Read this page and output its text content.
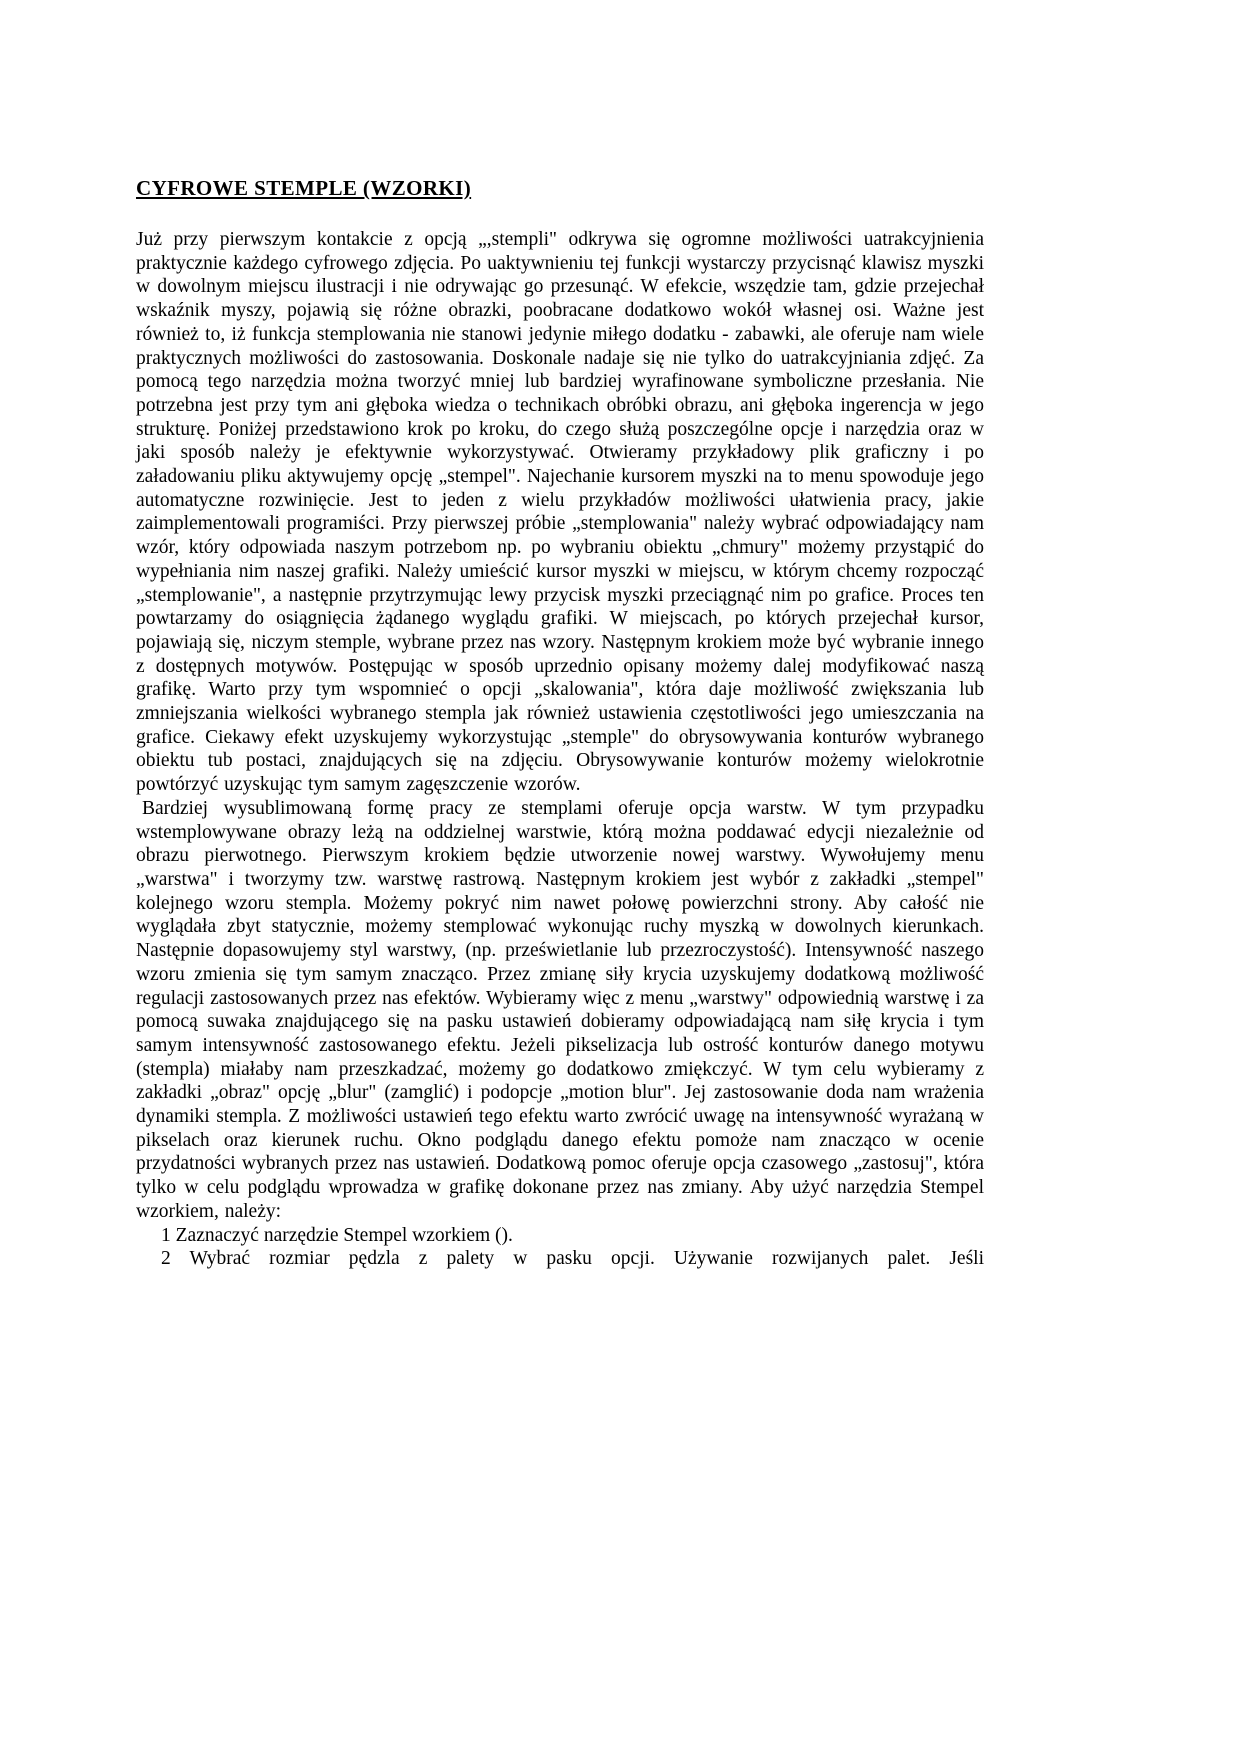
CYFROWE STEMPLE (WZORKI)

Już przy pierwszym kontakcie z opcją „,stempli" odkrywa się ogromne możliwości uatrakcyjnienia praktycznie każdego cyfrowego zdjęcia. Po uaktywnieniu tej funkcji wystarczy przycisnąć klawisz myszki w dowolnym miejscu ilustracji i nie odrywając go przesunąć. W efekcie, wszędzie tam, gdzie przejechał wskaźnik myszy, pojawią się różne obrazki, poobracane dodatkowo wokół własnej osi. Ważne jest również to, iż funkcja stemplowania nie stanowi jedynie miłego dodatku - zabawki, ale oferuje nam wiele praktycznych możliwości do zastosowania. Doskonale nadaje się nie tylko do uatrakcyjniania zdjęć. Za pomocą tego narzędzia można tworzyć mniej lub bardziej wyrafinowane symboliczne przesłania. Nie potrzebna jest przy tym ani głęboka wiedza o technikach obróbki obrazu, ani głęboka ingerencja w jego strukturę. Poniżej przedstawiono krok po kroku, do czego służą poszczególne opcje i narzędzia oraz w jaki sposób należy je efektywnie wykorzystywać. Otwieramy przykładowy plik graficzny i po załadowaniu pliku aktywujemy opcję „stempel". Najechanie kursorem myszki na to menu spowoduje jego automatyczne rozwinięcie. Jest to jeden z wielu przykładów możliwości ułatwienia pracy, jakie zaimplementowali programiści. Przy pierwszej próbie „stemplowania" należy wybrać odpowiadający nam wzór, który odpowiada naszym potrzebom np. po wybraniu obiektu „chmury" możemy przystąpić do wypełniania nim naszej grafiki. Należy umieścić kursor myszki w miejscu, w którym chcemy rozpocząć „stemplowanie", a następnie przytrzymując lewy przycisk myszki przeciągnąć nim po grafice. Proces ten powtarzamy do osiągnięcia żądanego wyglądu grafiki. W miejscach, po których przejechał kursor, pojawiają się, niczym stemple, wybrane przez nas wzory. Następnym krokiem może być wybranie innego z dostępnych motywów. Postępując w sposób uprzednio opisany możemy dalej modyfikować naszą grafikę. Warto przy tym wspomnieć o opcji „skalowania", która daje możliwość zwiększania lub zmniejszania wielkości wybranego stempla jak również ustawienia częstotliwości jego umieszczania na grafice. Ciekawy efekt uzyskujemy wykorzystując „stemple" do obrysowywania konturów wybranego obiektu tub postaci, znajdujących się na zdjęciu. Obrysowywanie konturów możemy wielokrotnie powtórzyć uzyskując tym samym zagęszczenie wzorów.

Bardziej wysublimowaną formę pracy ze stemplami oferuje opcja warstw. W tym przypadku wstemplowywane obrazy leżą na oddzielnej warstwie, którą można poddawać edycji niezależnie od obrazu pierwotnego. Pierwszym krokiem będzie utworzenie nowej warstwy. Wywołujemy menu „warstwa" i tworzymy tzw. warstwę rastrową. Następnym krokiem jest wybór z zakładki „stempel" kolejnego wzoru stempla. Możemy pokryć nim nawet połowę powierzchni strony. Aby całość nie wyglądała zbyt statycznie, możemy stemplować wykonując ruchy myszką w dowolnych kierunkach. Następnie dopasowujemy styl warstwy, (np. prześwietlanie lub przezroczystość). Intensywność naszego wzoru zmienia się tym samym znacząco. Przez zmianę siły krycia uzyskujemy dodatkową możliwość regulacji zastosowanych przez nas efektów. Wybieramy więc z menu „warstwy" odpowiednią warstwę i za pomocą suwaka znajdującego się na pasku ustawień dobieramy odpowiadającą nam siłę krycia i tym samym intensywność zastosowanego efektu. Jeżeli pikselizacja lub ostrość konturów danego motywu (stempla) miałaby nam przeszkadzać, możemy go dodatkowo zmiękczyć. W tym celu wybieramy z zakładki „obraz" opcję „blur" (zamglić) i podopcje „motion blur". Jej zastosowanie doda nam wrażenia dynamiki stempla. Z możliwości ustawień tego efektu warto zwrócić uwagę na intensywność wyrażaną w pikselach oraz kierunek ruchu. Okno podglądu danego efektu pomoże nam znacząco w ocenie przydatności wybranych przez nas ustawień. Dodatkową pomoc oferuje opcja czasowego „zastosuj", która tylko w celu podglądu wprowadza w grafikę dokonane przez nas zmiany. Aby użyć narzędzia Stempel wzorkiem, należy:

1 Zaznaczyć narzędzie Stempel wzorkiem ().
2 Wybrać rozmiar pędzla z palety w pasku opcji. Używanie rozwijanych palet. Jeśli
